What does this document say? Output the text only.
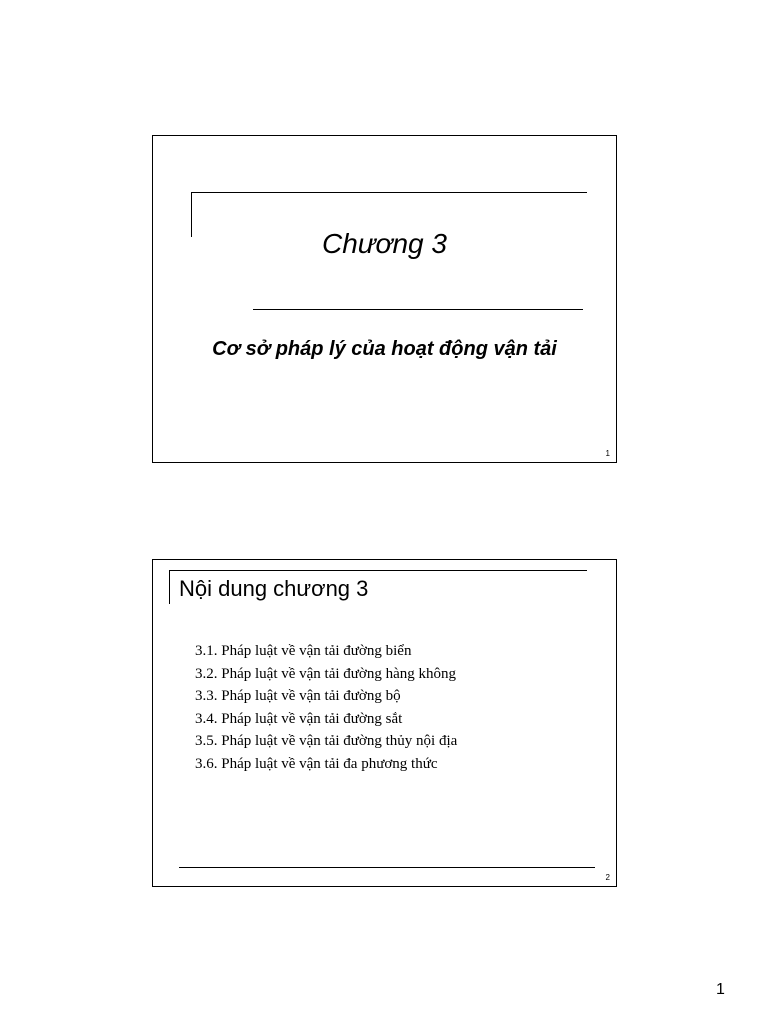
Chương 3
Cơ sở pháp lý của hoạt động vận tải
1
Nội dung chương 3
3.1. Pháp luật về vận tải đường biển
3.2. Pháp luật về vận tải đường hàng không
3.3. Pháp luật về vận tải đường bộ
3.4. Pháp luật về vận tải đường sắt
3.5. Pháp luật về vận tải đường thủy nội địa
3.6. Pháp luật về vận tải đa phương thức
2
1
